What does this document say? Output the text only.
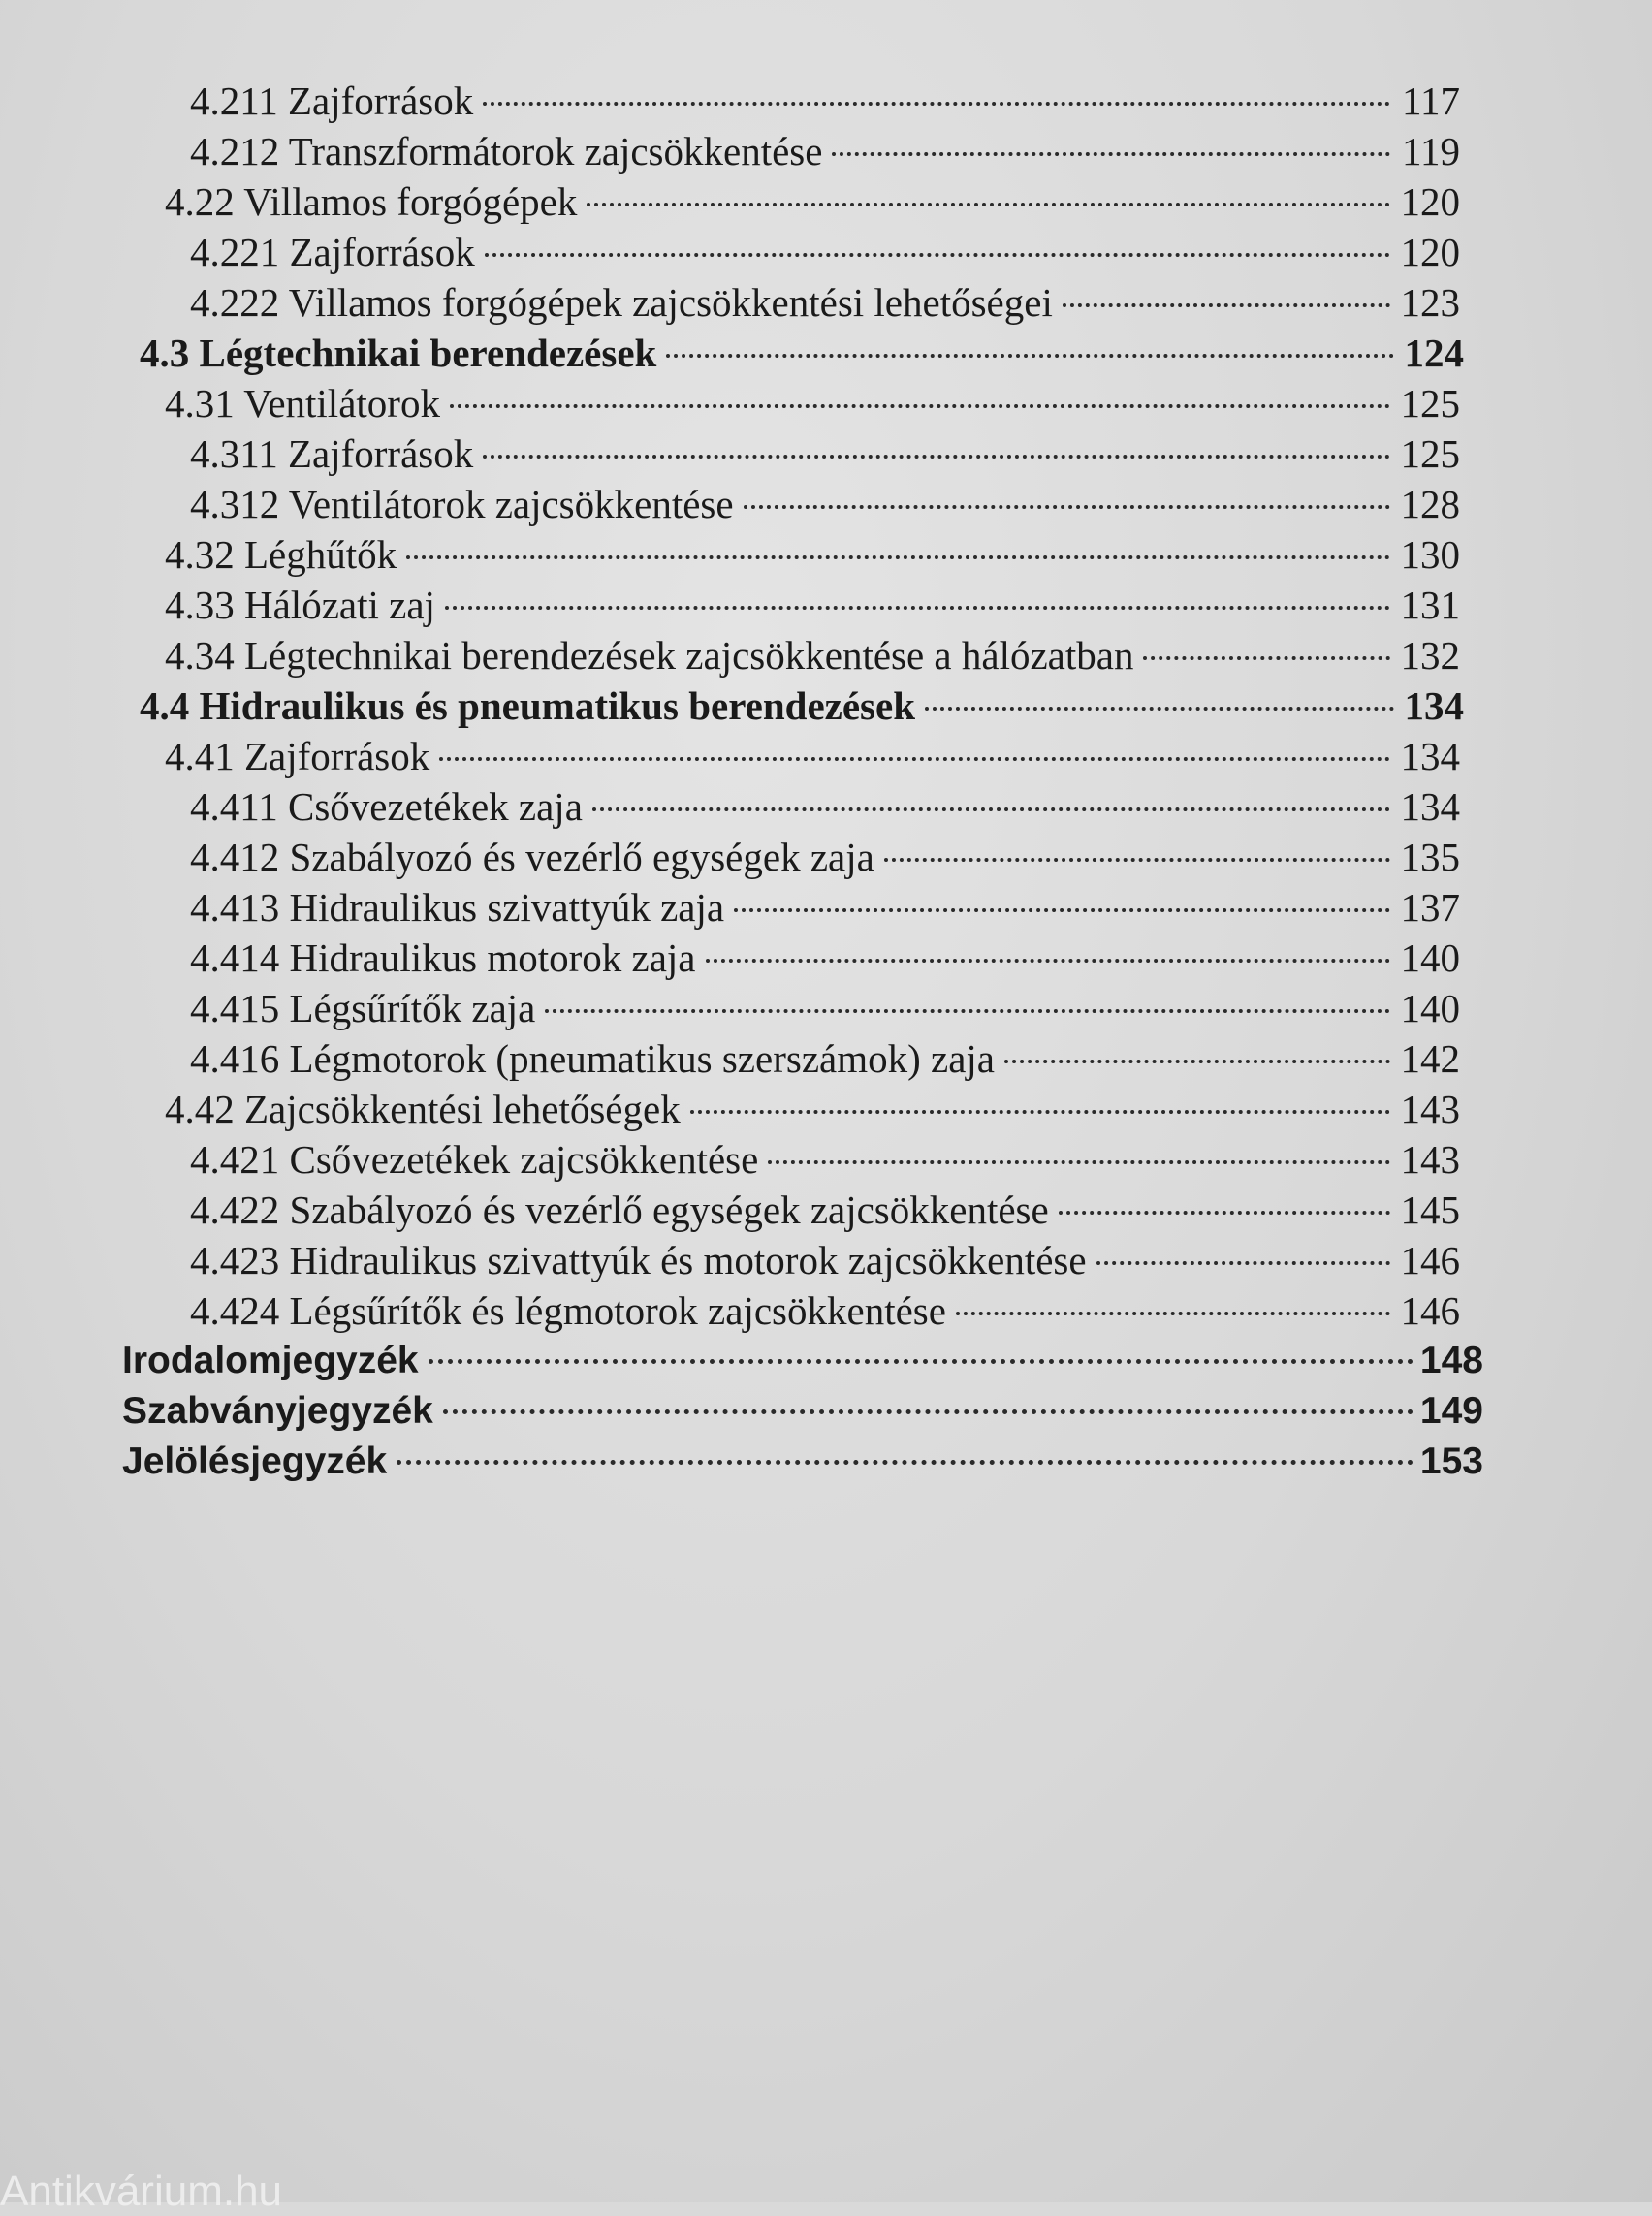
4.211 Zajforrások	117
4.212 Transzformátorok zajcsökkentése	119
4.22 Villamos forgógépek	120
4.221 Zajforrások	120
4.222 Villamos forgógépek zajcsökkentési lehetőségei	123
4.3 Légtechnikai berendezések	124
4.31 Ventilátorok	125
4.311 Zajforrások	125
4.312 Ventilátorok zajcsökkentése	128
4.32 Léghűtők	130
4.33 Hálózati zaj	131
4.34 Légtechnikai berendezések zajcsökkentése a hálózatban	132
4.4 Hidraulikus és pneumatikus berendezések	134
4.41 Zajforrások	134
4.411 Csővezetékek zaja	134
4.412 Szabályozó és vezérlő egységek zaja	135
4.413 Hidraulikus szivattyúk zaja	137
4.414 Hidraulikus motorok zaja	140
4.415 Légsűrítők zaja	140
4.416 Légmotorok (pneumatikus szerszámok) zaja	142
4.42 Zajcsökkentési lehetőségek	143
4.421 Csővezetékek zajcsökkentése	143
4.422 Szabályozó és vezérlő egységek zajcsökkentése	145
4.423 Hidraulikus szivattyúk és motorok zajcsökkentése	146
4.424 Légsűrítők és légmotorok zajcsökkentése	146
Irodalomjegyzék	148
Szabványjegyzék	149
Jelölésjegyzék	153
Antikvárium.hu
